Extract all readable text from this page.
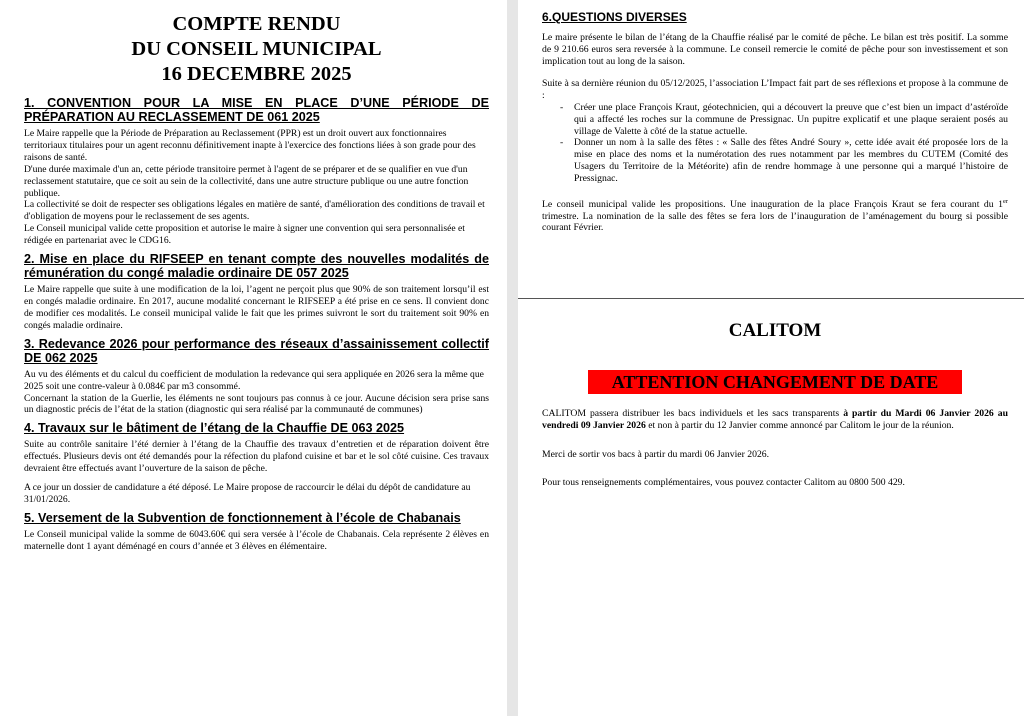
COMPTE RENDU
DU CONSEIL MUNICIPAL
16 DECEMBRE 2025
1. CONVENTION POUR LA MISE EN PLACE D’UNE PÉRIODE DE PRÉPARATION AU RECLASSEMENT DE 061 2025

Le Maire rappelle que la Période de Préparation au Reclassement (PPR) est un droit ouvert aux fonctionnaires territoriaux titulaires pour un agent reconnu définitivement inapte à l'exercice des fonctions liées à son grade pour des raisons de santé.

D'une durée maximale d'un an, cette période transitoire permet à l'agent de se préparer et de se qualifier en vue d'un reclassement statutaire, que ce soit au sein de la collectivité, dans une autre structure publique ou une autre fonction publique.

La collectivité se doit de respecter ses obligations légales en matière de santé, d'amélioration des conditions de travail et d'obligation de moyens pour le reclassement de ses agents.

Le Conseil municipal valide cette proposition et autorise le maire à signer une convention qui sera personnalisée et rédigée en partenariat avec le CDG16.

2. Mise en place du RIFSEEP en tenant compte des nouvelles modalités de rémunération du congé maladie ordinaire DE 057 2025

Le Maire rappelle que suite à une modification de la loi, l’agent ne perçoit plus que 90% de son traitement lorsqu’il est en congés maladie ordinaire. En 2017, aucune modalité concernant le RIFSEEP a été prise en ce sens. Il convient donc de modifier ces modalités. Le conseil municipal valide le fait que les primes suivront le sort du traitement soit 90% en congés maladie ordinaire.

3. Redevance 2026 pour performance des réseaux d’assainissement collectif DE 062 2025

Au vu des éléments et du calcul du coefficient de modulation la redevance qui sera appliquée en 2026 sera la même que 2025 soit une contre-valeur à 0.084€ par m3 consommé.

Concernant la station de la Guerlie, les éléments ne sont toujours pas connus à ce jour. Aucune décision sera prise sans un diagnostic précis de l’état de la station (diagnostic qui sera réalisé par la communauté de communes)

4. Travaux sur le bâtiment de l’étang de la Chauffie DE 063 2025

Suite au contrôle sanitaire l’été dernier à l’étang de la Chauffie des travaux d’entretien et de réparation doivent être effectués. Plusieurs devis ont été demandés pour la réfection du plafond cuisine et bar et le sol côté cuisine. Ces travaux devraient être effectués avant l’ouverture de la saison de pêche.

A ce jour un dossier de candidature a été déposé. Le Maire propose de raccourcir le délai du dépôt de candidature au 31/01/2026.

5. Versement de la Subvention de fonctionnement à l’école de Chabanais

Le Conseil municipal valide la somme de 6043.60€ qui sera versée à l’école de Chabanais. Cela représente 2 élèves en maternelle dont 1 ayant déménagé en cours d’année et 3 élèves en élémentaire.

6.QUESTIONS DIVERSES

Le maire présente le bilan de l’étang de la Chauffie réalisé par le comité de pêche. Le bilan est très positif. La somme de 9 210.66 euros sera reversée à la commune. Le conseil remercie le comité de pêche pour son investissement et son implication tout au long de la saison.

Suite à sa dernière réunion du 05/12/2025, l’association L’Impact fait part de ses réflexions et propose à la commune de :

- Créer une place François Kraut, géotechnicien, qui a découvert la preuve que c’est bien un impact d’astéroïde qui a affecté les roches sur la commune de Pressignac. Un pupitre explicatif et une plaque seraient posés au village de Valette à côté de la statue actuelle.
- Donner un nom à la salle des fêtes : « Salle des fêtes André Soury », cette idée avait été proposée lors de la mise en place des noms et la numérotation des rues notamment par les membres du CUTEM (Comité des Usagers du Territoire de la Météorite) afin de rendre hommage à une personne qui a marqué l’histoire de Pressignac.

Le conseil municipal valide les propositions. Une inauguration de la place François Kraut se fera courant du 1er trimestre. La nomination de la salle des fêtes se fera lors de l’inauguration de l’aménagement du bourg si possible courant Février.

CALITOM
ATTENTION CHANGEMENT DE DATE

CALITOM passera distribuer les bacs individuels et les sacs transparents à partir du Mardi 06 Janvier 2026 au vendredi 09 Janvier 2026 et non à partir du 12 Janvier comme annoncé par Calitom le jour de la réunion.

Merci de sortir vos bacs à partir du mardi 06 Janvier 2026.

Pour tous renseignements complémentaires, vous pouvez contacter Calitom au 0800 500 429.
